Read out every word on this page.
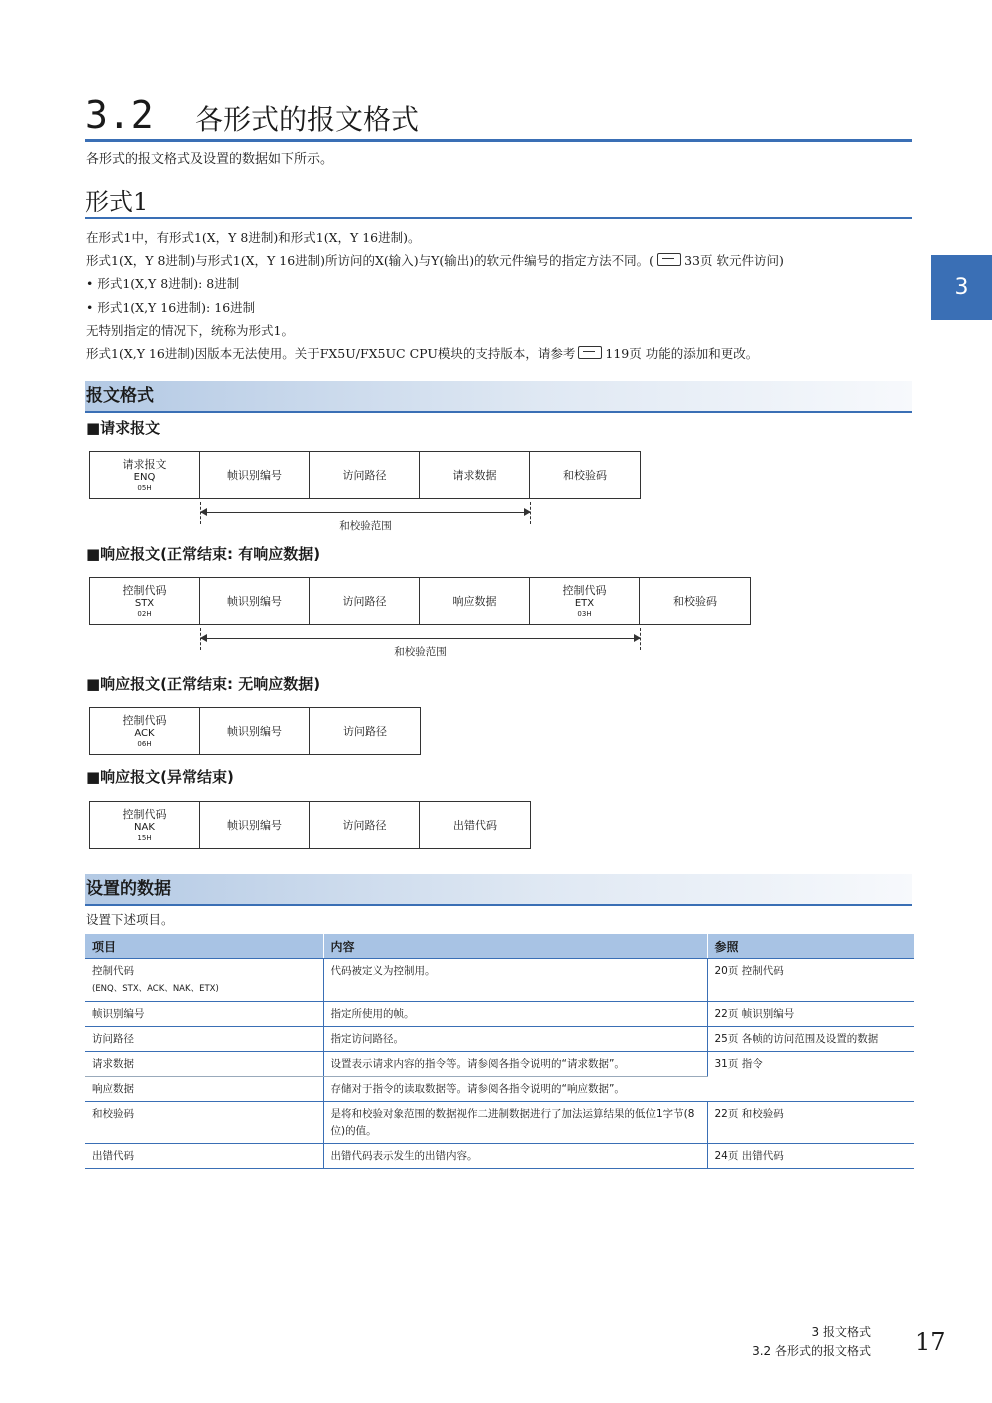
3.2 各形式的报文格式
各形式的报文格式及设置的数据如下所示。
形式1
在形式1中，有形式1(X，Y 8进制)和形式1(X，Y 16进制)。
形式1(X，Y 8进制)与形式1(X，Y 16进制)所访问的X(输入)与Y(输出)的软元件编号的指定方法不同。( 33页 软元件访问)
• 形式1(X,Y 8进制): 8进制
• 形式1(X,Y 16进制): 16进制
无特别指定的情况下，统称为形式1。
形式1(X,Y 16进制)因版本无法使用。关于FX5U/FX5UC CPU模块的支持版本，请参考 119页 功能的添加和更改。
3
报文格式
■请求报文
请求报文
ENQ
05H
帧识别编号	访问路径	请求数据	和校验码
和校验范围
■响应报文(正常结束: 有响应数据)
控制代码
STX
02H
帧识别编号	访问路径	响应数据
控制代码
ETX
03H
和校验码
和校验范围
■响应报文(正常结束: 无响应数据)
控制代码
ACK
06H
帧识别编号	访问路径
■响应报文(异常结束)
控制代码
NAK
15H
帧识别编号	访问路径	出错代码
设置的数据
设置下述项目。
项目	内容	参照
控制代码
(ENQ、STX、ACK、NAK、ETX)	代码被定义为控制用。	20页 控制代码
帧识别编号	指定所使用的帧。	22页 帧识别编号
访问路径	指定访问路径。	25页 各帧的访问范围及设置的数据
请求数据	设置表示请求内容的指令等。请参阅各指令说明的“请求数据”。	31页 指令
响应数据	存储对于指令的读取数据等。请参阅各指令说明的“响应数据”。	
和校验码	是将和校验对象范围的数据视作二进制数据进行了加法运算结果的低位1字节(8位)的值。	22页 和校验码
出错代码	出错代码表示发生的出错内容。	24页 出错代码
3 报文格式
3.2 各形式的报文格式 17
